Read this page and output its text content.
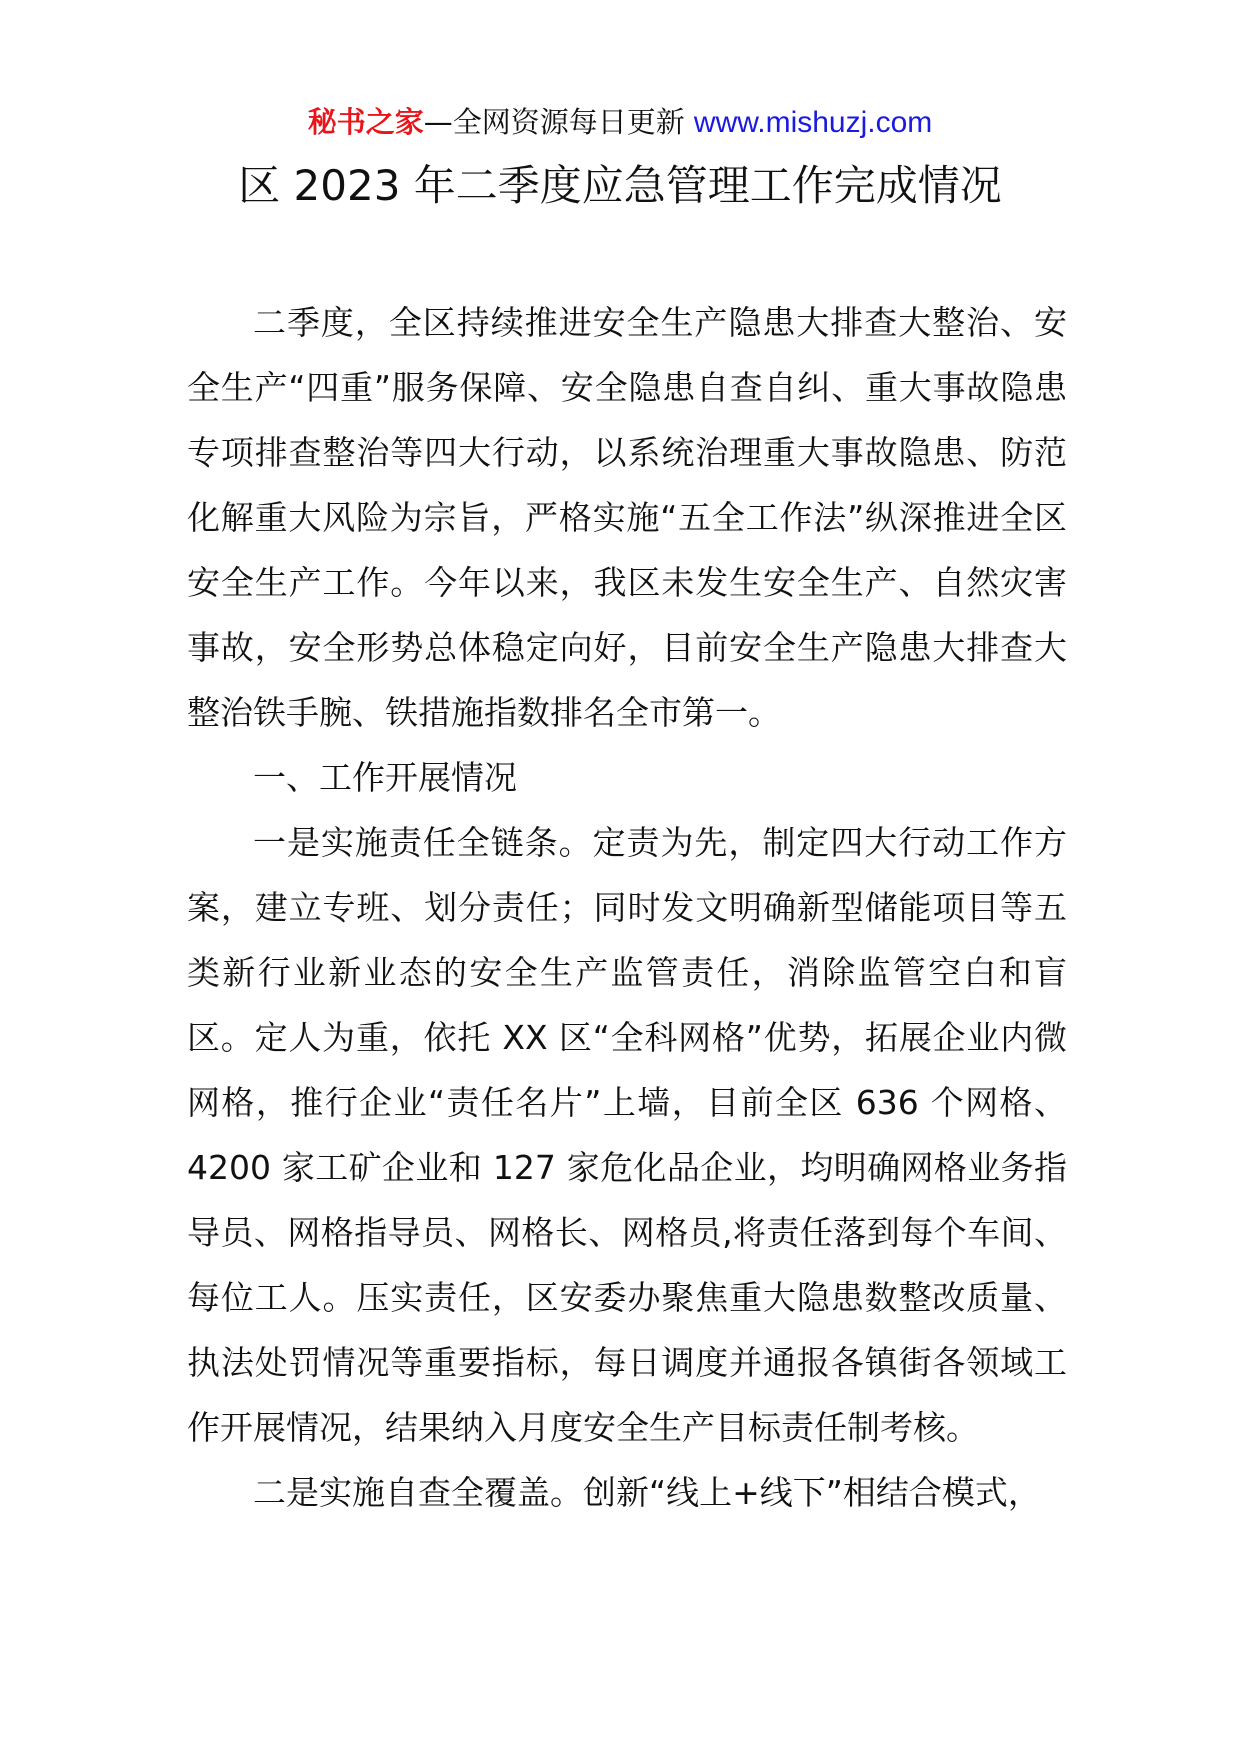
秘书之家—全网资源每日更新 www.mishuzj.com
区 2023 年二季度应急管理工作完成情况

二季度，全区持续推进安全生产隐患大排查大整治、安全生产“四重”服务保障、安全隐患自查自纠、重大事故隐患专项排查整治等四大行动，以系统治理重大事故隐患、防范化解重大风险为宗旨，严格实施“五全工作法”纵深推进全区安全生产工作。今年以来，我区未发生安全生产、自然灾害事故，安全形势总体稳定向好，目前安全生产隐患大排查大整治铁手腕、铁措施指数排名全市第一。

一、工作开展情况

一是实施责任全链条。定责为先，制定四大行动工作方案，建立专班、划分责任；同时发文明确新型储能项目等五类新行业新业态的安全生产监管责任，消除监管空白和盲区。定人为重，依托 XX 区“全科网格”优势，拓展企业内微网格，推行企业“责任名片”上墙，目前全区 636 个网格、4200 家工矿企业和 127 家危化品企业，均明确网格业务指导员、网格指导员、网格长、网格员,将责任落到每个车间、每位工人。压实责任，区安委办聚焦重大隐患数整改质量、执法处罚情况等重要指标，每日调度并通报各镇街各领域工作开展情况，结果纳入月度安全生产目标责任制考核。

二是实施自查全覆盖。创新“线上+线下”相结合模式，
